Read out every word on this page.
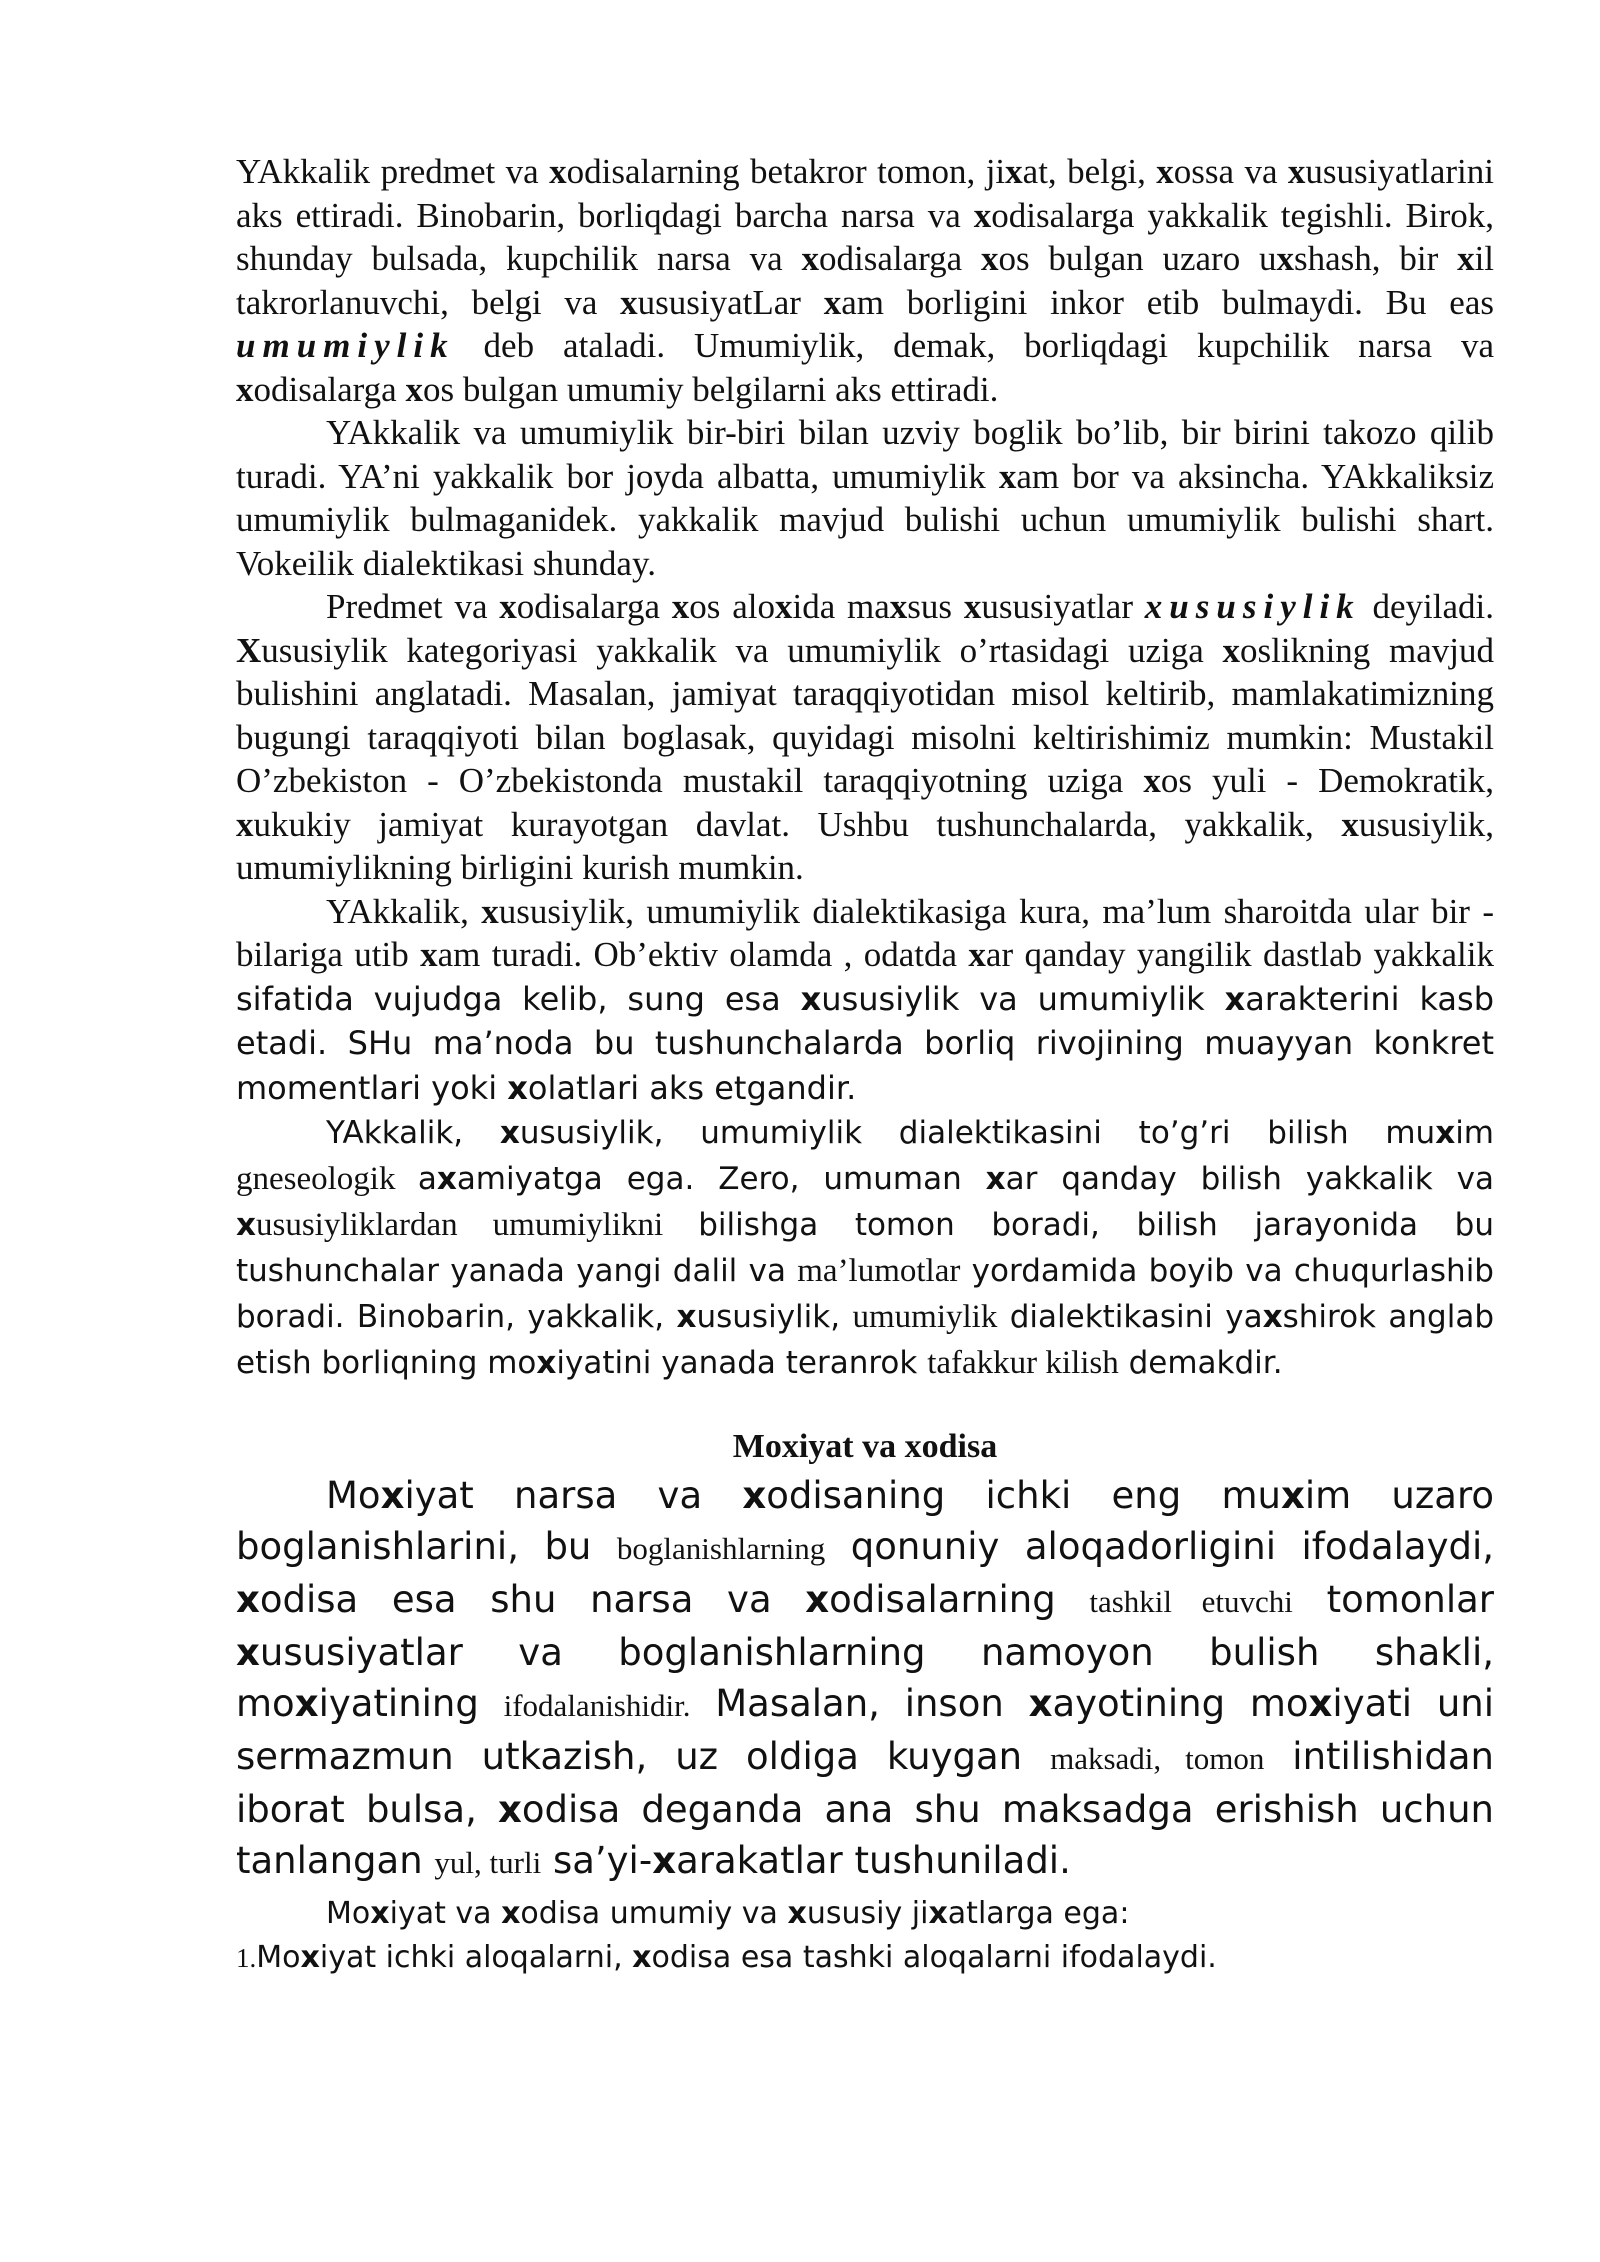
YAkkalik predmet va xodisalarning betakror tomon, jixat, belgi, xossa va xususiyatlarini aks ettiradi. Binobarin, borliqdagi barcha narsa va xodisalarga yakkalik tegishli. Birok, shunday bulsada, kupchilik narsa va xodisalarga xos bulgan uzaro uxshash, bir xil takrorlanuvchi, belgi va xususiyatLar xam borligini inkor etib bulmaydi. Bu eas umumiylik deb ataladi. Umumiylik, demak, borliqdagi kupchilik narsa va xodisalarga xos bulgan umumiy belgilarni aks ettiradi.

YAkkalik va umumiylik bir-biri bilan uzviy boglik bo’lib, bir birini takozo qilib turadi. YA’ni yakkalik bor joyda albatta, umumiylik xam bor va aksincha. YAkkaliksiz umumiylik bulmaganidek. yakkalik mavjud bulishi uchun umumiylik bulishi shart. Vokeilik dialektikasi shunday.

Predmet va xodisalarga xos aloxida maxsus xususiyatlar xususiylik deyiladi. Xususiylik kategoriyasi yakkalik va umumiylik o’rtasidagi uziga xoslikning mavjud bulishini anglatadi. Masalan, jamiyat taraqqiyotidan misol keltirib, mamlakatimizning bugungi taraqqiyoti bilan boglasak, quyidagi misolni keltirishimiz mumkin: Mustakil O’zbekiston - O’zbekistonda mustakil taraqqiyotning uziga xos yuli - Demokratik, xukukiy jamiyat kurayotgan davlat. Ushbu tushunchalarda, yakkalik, xususiylik, umumiylikning birligini kurish mumkin.

YAkkalik, xususiylik, umumiylik dialektikasiga kura, ma’lum sharoitda ular bir - bilariga utib xam turadi. Ob’ektiv olamda , odatda xar qanday yangilik dastlab yakkalik sifatida vujudga kelib, sung esa xususiylik va umumiylik xarakterini kasb etadi. SHu ma’noda bu tushunchalarda borliq rivojining muayyan konkret momentlari yoki xolatlari aks etgandir.

YAkkalik, xususiylik, umumiylik dialektikasini to’g’ri bilish muxim gneseologik axamiyatga ega. Zero, umuman xar qanday bilish yakkalik va xususiyliklardan umumiylikni bilishga tomon boradi, bilish jarayonida bu tushunchalar yanada yangi dalil va ma’lumotlar yordamida boyib va chuqurlashib boradi. Binobarin, yakkalik, xususiylik, umumiylik dialektikasini yaxshirok anglab etish borliqning moxiyatini yanada teranrok tafakkur kilish demakdir.

Moxiyat va xodisa

Moxiyat narsa va xodisaning ichki eng muxim uzaro boglanishlarini, bu boglanishlarning qonuniy aloqadorligini ifodalaydi, xodisa esa shu narsa va xodisalarning tashkil etuvchi tomonlar xususiyatlar va boglanishlarning namoyon bulish shakli, moxiyatining ifodalanishidir. Masalan, inson xayotining moxiyati uni sermazmun utkazish, uz oldiga kuygan maksadi, tomon intilishidan iborat bulsa, xodisa deganda ana shu maksadga erishish uchun tanlangan yul, turli sa’yi-xarakatlar tushuniladi.

Moxiyat va xodisa umumiy va xususiy jixatlarga ega:

1.Moxiyat ichki aloqalarni, xodisa esa tashki aloqalarni ifodalaydi.
